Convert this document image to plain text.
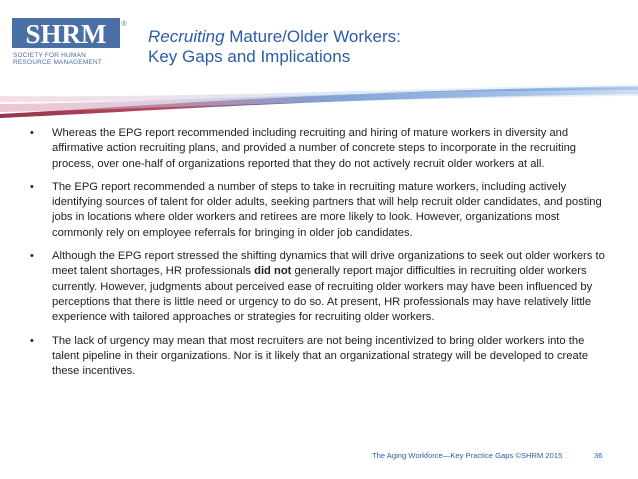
SHRM ®
SOCIETY FOR HUMAN
RESOURCE MANAGEMENT
Recruiting Mature/Older Workers:
Key Gaps and Implications
• Whereas the EPG report recommended including recruiting and hiring of mature workers in diversity and affirmative action recruiting plans, and provided a number of concrete steps to incorporate in the recruiting process, over one-half of organizations reported that they do not actively recruit older workers at all.
• The EPG report recommended a number of steps to take in recruiting mature workers, including actively identifying sources of talent for older adults, seeking partners that will help recruit older candidates, and posting jobs in locations where older workers and retirees are more likely to look. However, organizations most commonly rely on employee referrals for bringing in older job candidates.
• Although the EPG report stressed the shifting dynamics that will drive organizations to seek out older workers to meet talent shortages, HR professionals did not generally report major difficulties in recruiting older workers currently. However, judgments about perceived ease of recruiting older workers may have been influenced by perceptions that there is little need or urgency to do so. At present, HR professionals may have relatively little experience with tailored approaches or strategies for recruiting older workers.
• The lack of urgency may mean that most recruiters are not being incentivized to bring older workers into the talent pipeline in their organizations. Nor is it likely that an organizational strategy will be developed to create these incentives.
The Aging Workforce—Key Practice Gaps ©SHRM 2015	36
